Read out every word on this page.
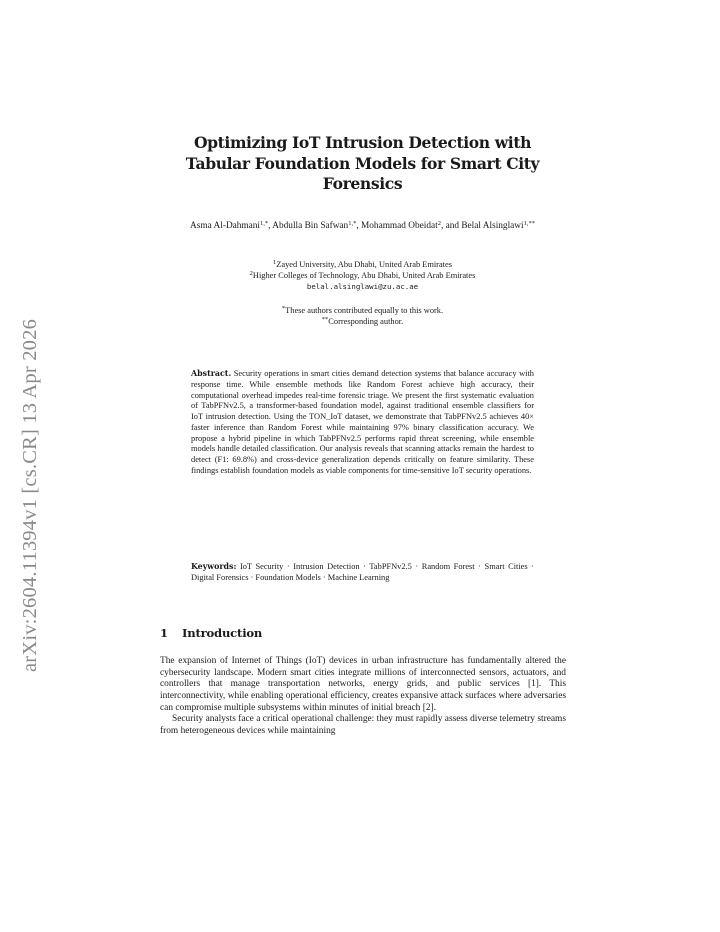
arXiv:2604.11394v1 [cs.CR] 13 Apr 2026
Optimizing IoT Intrusion Detection with Tabular Foundation Models for Smart City Forensics
Asma Al-Dahmani$^{1,*}$, Abdulla Bin Safwan$^{1,*}$, Mohammad Obeidat$^2$, and Belal Alsinglawi$^{1,**}$
$^1$Zayed University, Abu Dhabi, United Arab Emirates
$^2$Higher Colleges of Technology, Abu Dhabi, United Arab Emirates
belal.alsinglawi@zu.ac.ae
*These authors contributed equally to this work.
**Corresponding author.
Abstract. Security operations in smart cities demand detection systems that balance accuracy with response time. While ensemble methods like Random Forest achieve high accuracy, their computational overhead impedes real-time forensic triage. We present the first systematic evaluation of TabPFNv2.5, a transformer-based foundation model, against traditional ensemble classifiers for IoT intrusion detection. Using the TON_IoT dataset, we demonstrate that TabPFNv2.5 achieves 40× faster inference than Random Forest while maintaining 97% binary classification accuracy. We propose a hybrid pipeline in which TabPFNv2.5 performs rapid threat screening, while ensemble models handle detailed classification. Our analysis reveals that scanning attacks remain the hardest to detect (F1: 69.8%) and cross-device generalization depends critically on feature similarity. These findings establish foundation models as viable components for time-sensitive IoT security operations.
Keywords: IoT Security · Intrusion Detection · TabPFNv2.5 · Random Forest · Smart Cities · Digital Forensics · Foundation Models · Machine Learning
1 Introduction

The expansion of Internet of Things (IoT) devices in urban infrastructure has fundamentally altered the cybersecurity landscape. Modern smart cities integrate millions of interconnected sensors, actuators, and controllers that manage transportation networks, energy grids, and public services [1]. This interconnectivity, while enabling operational efficiency, creates expansive attack surfaces where adversaries can compromise multiple subsystems within minutes of initial breach [2].

Security analysts face a critical operational challenge: they must rapidly assess diverse telemetry streams from heterogeneous devices while maintaining
